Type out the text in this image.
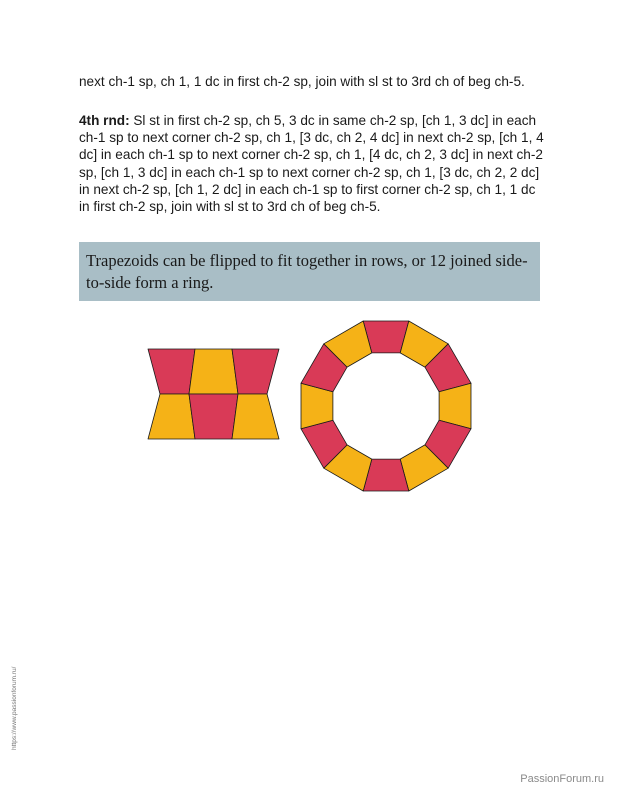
next ch-1 sp, ch 1, 1 dc in first ch-2 sp, join with sl st to 3rd ch of beg ch-5.

4th rnd: Sl st in first ch-2 sp, ch 5, 3 dc in same ch-2 sp, [ch 1, 3 dc] in each ch-1 sp to next corner ch-2 sp, ch 1, [3 dc, ch 2, 4 dc] in next ch-2 sp, [ch 1, 4 dc] in each ch-1 sp to next corner ch-2 sp, ch 1, [4 dc, ch 2, 3 dc] in next ch-2 sp, [ch 1, 3 dc] in each ch-1 sp to next corner ch-2 sp, ch 1, [3 dc, ch 2, 2 dc] in next ch-2 sp, [ch 1, 2 dc] in each ch-1 sp to first corner ch-2 sp, ch 1, 1 dc in first ch-2 sp, join with sl st to 3rd ch of beg ch-5.

Trapezoids can be flipped to fit together in rows, or 12 joined side-to-side form a ring.
https://www.passionforum.ru/
PassionForum.ru
